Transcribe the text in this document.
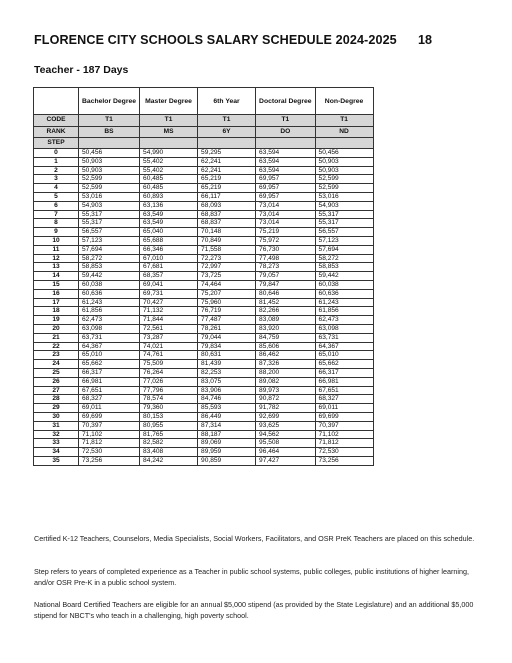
FLORENCE CITY SCHOOLS SALARY SCHEDULE 2024-2025 18
Teacher - 187 Days
	Bachelor Degree	Master Degree	6th Year	Doctoral Degree	Non-Degree
CODE	T1	T1	T1	T1	T1
RANK	BS	MS	6Y	DO	ND
STEP					
0	50,456	54,990	59,295	63,594	50,456
1	50,903	55,402	62,241	63,594	50,903
2	50,903	55,402	62,241	63,594	50,903
3	52,599	60,485	65,219	69,957	52,599
4	52,599	60,485	65,219	69,957	52,599
5	53,016	60,893	66,117	69,957	53,016
6	54,903	63,136	68,093	73,014	54,903
7	55,317	63,549	68,837	73,014	55,317
8	55,317	63,549	68,837	73,014	55,317
9	56,557	65,040	70,148	75,219	56,557
10	57,123	65,688	70,849	75,972	57,123
11	57,694	66,346	71,558	76,730	57,694
12	58,272	67,010	72,273	77,498	58,272
13	58,853	67,681	72,997	78,273	58,853
14	59,442	68,357	73,725	79,057	59,442
15	60,038	69,041	74,464	79,847	60,038
16	60,636	69,731	75,207	80,646	60,636
17	61,243	70,427	75,960	81,452	61,243
18	61,856	71,132	76,719	82,266	61,856
19	62,473	71,844	77,487	83,089	62,473
20	63,098	72,561	78,261	83,920	63,098
21	63,731	73,287	79,044	84,759	63,731
22	64,367	74,021	79,834	85,606	64,367
23	65,010	74,761	80,631	86,462	65,010
24	65,662	75,509	81,439	87,326	65,662
25	66,317	76,264	82,253	88,200	66,317
26	66,981	77,026	83,075	89,082	66,981
27	67,651	77,796	83,906	89,973	67,651
28	68,327	78,574	84,746	90,872	68,327
29	69,011	79,360	85,593	91,782	69,011
30	69,699	80,153	86,449	92,699	69,699
31	70,397	80,955	87,314	93,625	70,397
32	71,102	81,765	88,187	94,562	71,102
33	71,812	82,582	89,069	95,508	71,812
34	72,530	83,408	89,959	96,464	72,530
35	73,256	84,242	90,859	97,427	73,256
Certified K-12 Teachers, Counselors, Media Specialists, Social Workers, Facilitators, and OSR PreK Teachers are placed on this schedule.
Step refers to years of completed experience as a Teacher in public school systems, public colleges, public institutions of higher learning, and/or OSR Pre-K in a public school system.
National Board Certified Teachers are eligible for an annual $5,000 stipend (as provided by the State Legislature) and an additional $5,000 stipend for NBCT's who teach in a challenging, high poverty school.
